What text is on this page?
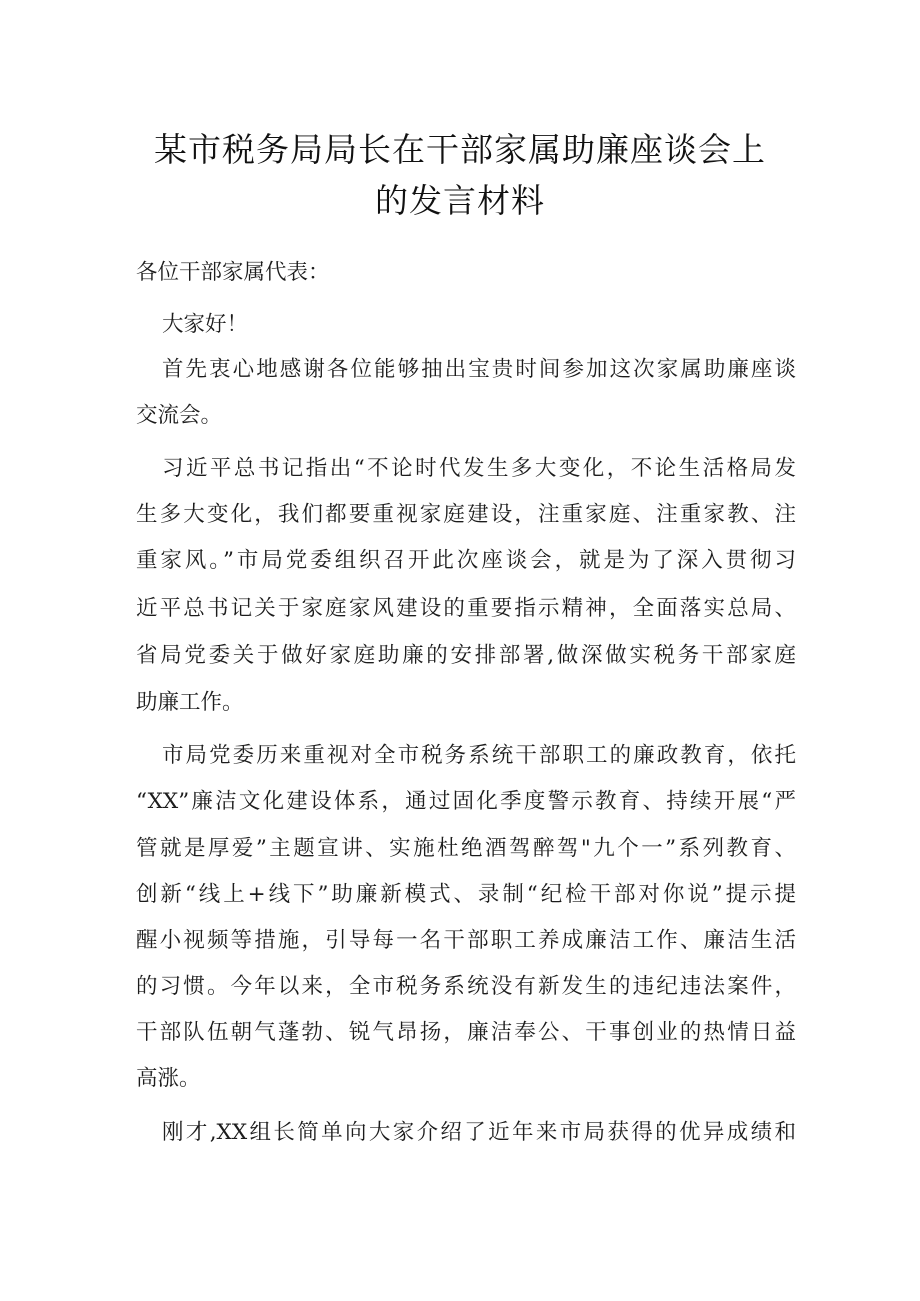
某市税务局局长在干部家属助廉座谈会上
的发言材料
各位干部家属代表：
大家好！
首先衷心地感谢各位能够抽出宝贵时间参加这次家属助廉座谈
交流会。
习近平总书记指出“不论时代发生多大变化，不论生活格局发
生多大变化，我们都要重视家庭建设，注重家庭、注重家教、注
重家风。”市局党委组织召开此次座谈会，就是为了深入贯彻习
近平总书记关于家庭家风建设的重要指示精神，全面落实总局、
省局党委关于做好家庭助廉的安排部署,做深做实税务干部家庭
助廉工作。
市局党委历来重视对全市税务系统干部职工的廉政教育，依托
“XX”廉洁文化建设体系，通过固化季度警示教育、持续开展“严
管就是厚爱”主题宣讲、实施杜绝酒驾醉驾"九个一”系列教育、
创新“线上+线下”助廉新模式、录制“纪检干部对你说”提示提
醒小视频等措施，引导每一名干部职工养成廉洁工作、廉洁生活
的习惯。今年以来，全市税务系统没有新发生的违纪违法案件，
干部队伍朝气蓬勃、锐气昂扬，廉洁奉公、干事创业的热情日益
高涨。
刚才,XX组长简单向大家介绍了近年来市局获得的优异成绩和
